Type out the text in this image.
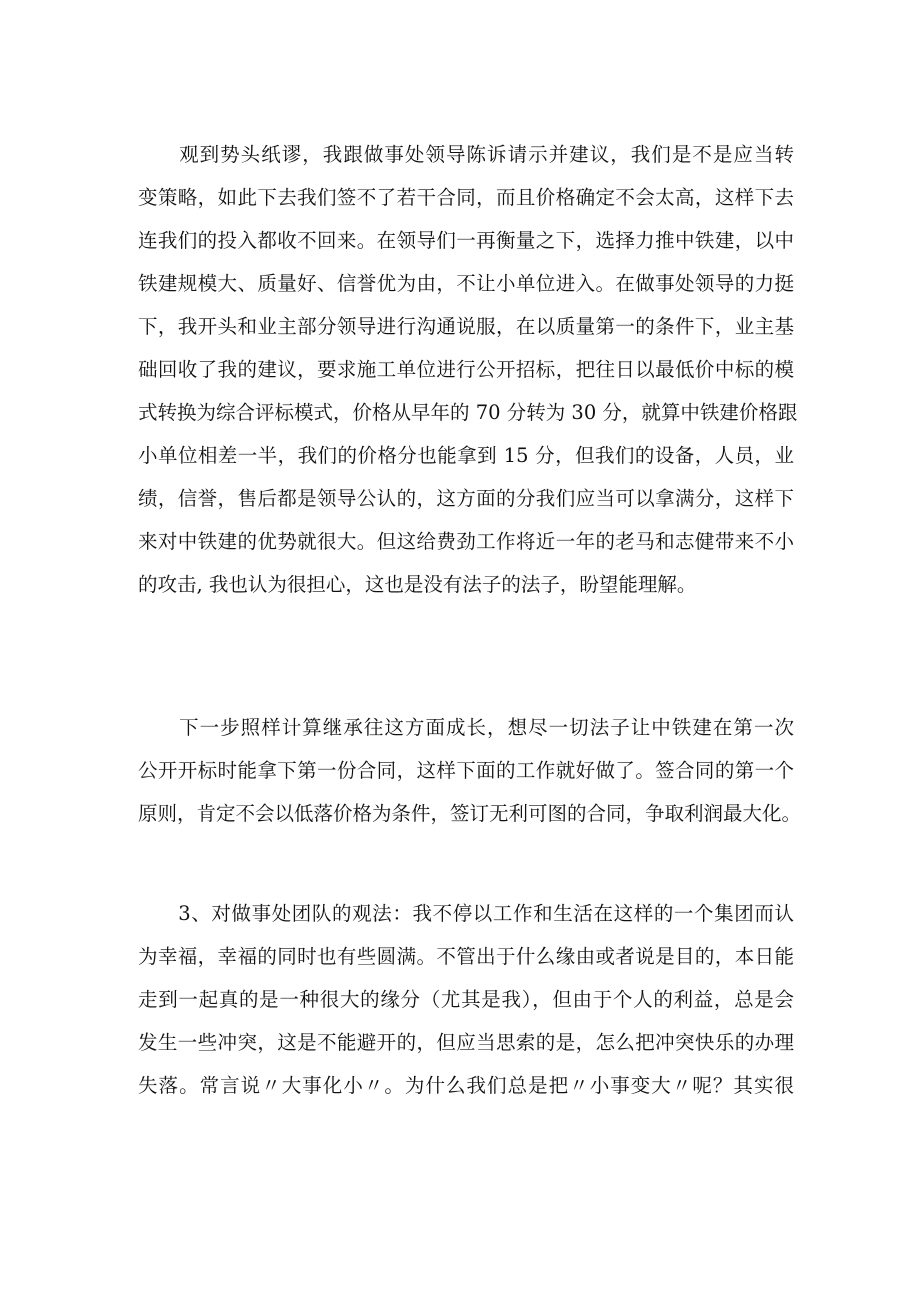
　　观到势头纸谬，我跟做事处领导陈诉请示并建议，我们是不是应当转
变策略，如此下去我们签不了若干合同，而且价格确定不会太高，这样下去
连我们的投入都收不回来。在领导们一再衡量之下，选择力推中铁建，以中
铁建规模大、质量好、信誉优为由，不让小单位进入。在做事处领导的力挺
下，我开头和业主部分领导进行沟通说服，在以质量第一的条件下，业主基
础回收了我的建议，要求施工单位进行公开招标，把往日以最低价中标的模
式转换为综合评标模式，价格从早年的 70 分转为 30 分，就算中铁建价格跟
小单位相差一半，我们的价格分也能拿到 15 分，但我们的设备，人员，业
绩，信誉，售后都是领导公认的，这方面的分我们应当可以拿满分，这样下
来对中铁建的优势就很大。但这给费劲工作将近一年的老马和志健带来不小
的攻击, 我也认为很担心，这也是没有法子的法子，盼望能理解。
　　下一步照样计算继承往这方面成长，想尽一切法子让中铁建在第一次
公开开标时能拿下第一份合同，这样下面的工作就好做了。签合同的第一个
原则，肯定不会以低落价格为条件，签订无利可图的合同，争取利润最大化。
　　3、对做事处团队的观法：我不停以工作和生活在这样的一个集团而认
为幸福，幸福的同时也有些圆满。不管出于什么缘由或者说是目的，本日能
走到一起真的是一种很大的缘分（尤其是我），但由于个人的利益，总是会
发生一些冲突，这是不能避开的，但应当思索的是，怎么把冲突快乐的办理
失落。常言说〃大事化小〃。为什么我们总是把〃小事变大〃呢？其实很
